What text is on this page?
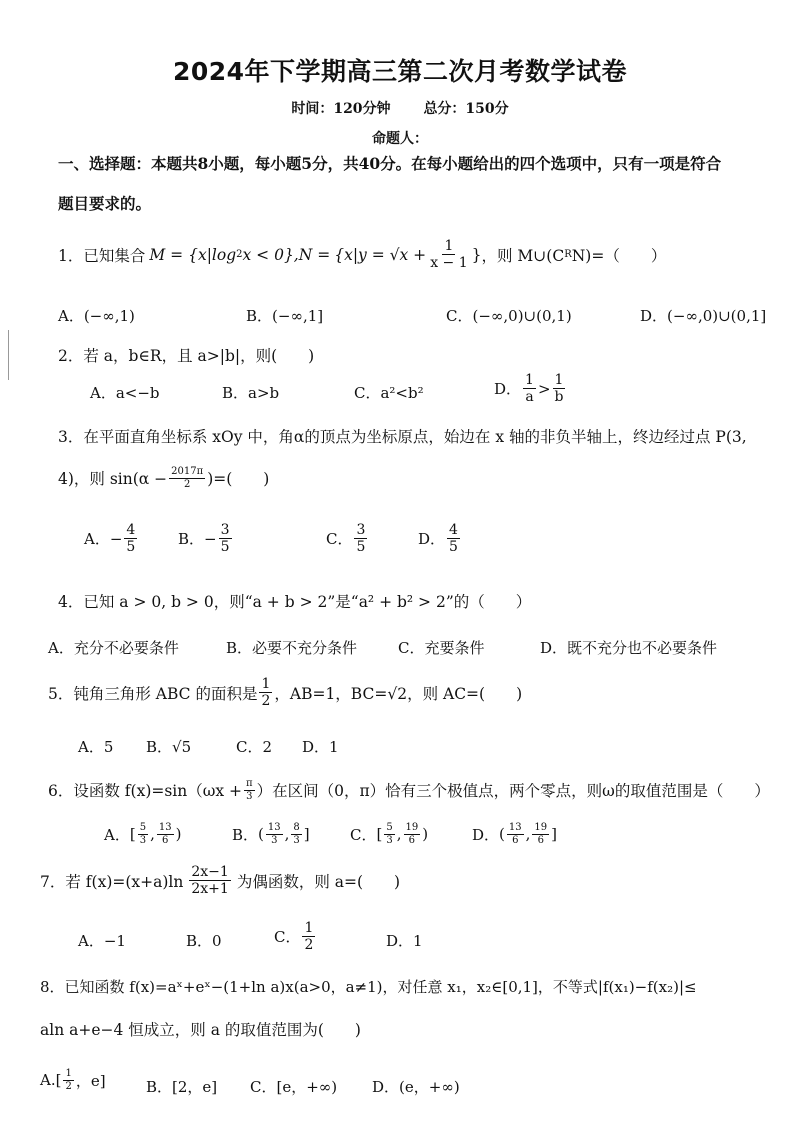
2024年下学期高三第二次月考数学试卷
时间：120分钟 总分：150分
命题人：
一、选择题：本题共8小题，每小题5分，共40分。在每小题给出的四个选项中，只有一项是符合
题目要求的。
1．已知集合 M = {x|log 2 $x < 0\},N = \{x|y = √x + \frac{1}{x - 1}$ } ，则 M∪(C R N)=（　　）
A．(−∞,1)	B．(−∞,1]	C．(−∞,0)∪(0,1)	D．(−∞,0)∪(0,1]
2．若 a，b∈R，且 a>|b|，则(　　)
A．a<−b	B．a>b	C．a²<b²	D． $\frac{1}{a} > \frac{1}{b}$
3．在平面直角坐标系 xOy 中，角α的顶点为坐标原点，始边在 x 轴的非负半轴上，终边经过点 P(3,
4)，则 $\sin(\alpha - \frac{2017\pi}{2}$ )=(　　)
A．− $\frac{4}{5}$	B．− $\frac{3}{5}$	C． $\frac{3}{5}$	D． $\frac{4}{5}$
4．已知 a > 0, b > 0，则“a + b > 2”是“a² + b² > 2”的（　　）
A．充分不必要条件	B．必要不充分条件	C．充要条件	D．既不充分也不必要条件
5．钝角三角形 ABC 的面积是 $\frac{1}{2}$ ，AB=1，BC=√2，则 AC=(　　)
A．5 B．√5	C．2 D．1
6．设函数 $f(x)=\sin(\omega x + \frac{\pi}{3}$ ）在区间（0，π）恰有三个极值点，两个零点，则ω的取值范围是（　　）
A． [ $\frac{5}{3}$ , $\frac{13}{6}$ )	B． ( $\frac{13}{3}$ , $\frac{8}{3}$ ]	C． [ $\frac{5}{3}$ , $\frac{19}{6}$ )	D． ( $\frac{13}{6}$ , $\frac{19}{6}$ ]
7．若 $f(x)=(x+a)\ln \frac{2x-1}{2x+1}$ 为偶函数，则 a=(　　)
A．−1	B．0	C． $\frac{1}{2}$	D．1
8．已知函数 f(x)=aˣ+eˣ−(1+ln a)x(a>0，a≠1)，对任意 x₁，x₂∈[0,1]，不等式|f(x₁)−f(x₂)|≤
aln a+e−4 恒成立，则 a 的取值范围为(　　)
A. [ $\frac{1}{2}$ ，e]	B．[2，e] C．[e，+∞) D．(e，+∞)
